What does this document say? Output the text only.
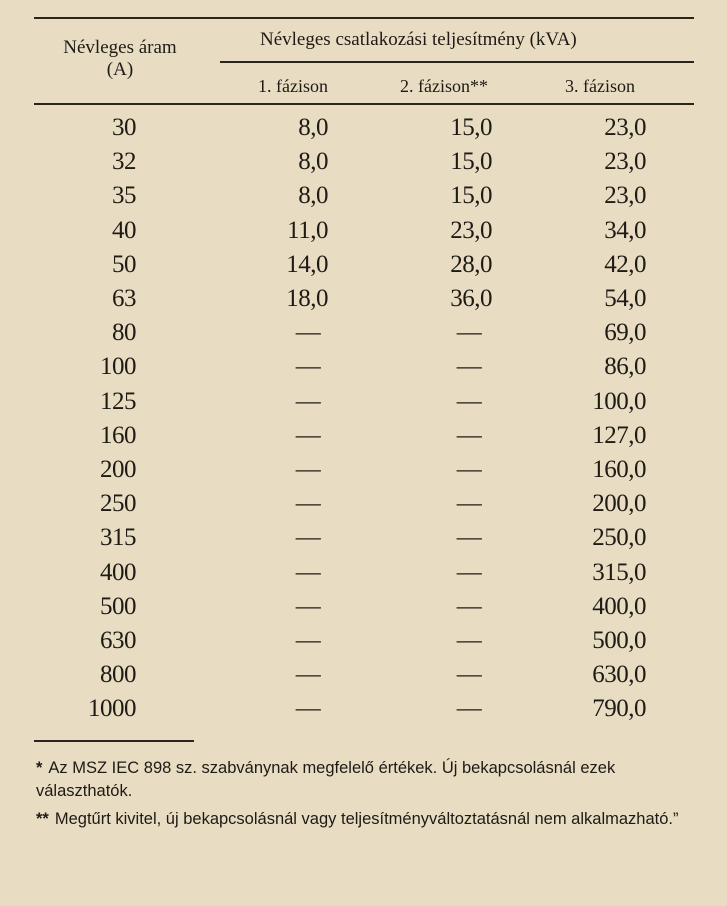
Névleges áram
(A)
Névleges csatlakozási teljesítmény (kVA)
1. fázison	2. fázison**	3. fázison
30	8,0	15,0	23,0
32	8,0	15,0	23,0
35	8,0	15,0	23,0
40	11,0	23,0	34,0
50	14,0	28,0	42,0
63	18,0	36,0	54,0
80	—	—	69,0
100	—	—	86,0
125	—	—	100,0
160	—	—	127,0
200	—	—	160,0
250	—	—	200,0
315	—	—	250,0
400	—	—	315,0
500	—	—	400,0
630	—	—	500,0
800	—	—	630,0
1000	—	—	790,0
* Az MSZ IEC 898 sz. szabványnak megfelelő értékek. Új bekapcsolásnál ezek választhatók.
** Megtűrt kivitel, új bekapcsolásnál vagy teljesítményváltoztatásnál nem alkalmazható.”
